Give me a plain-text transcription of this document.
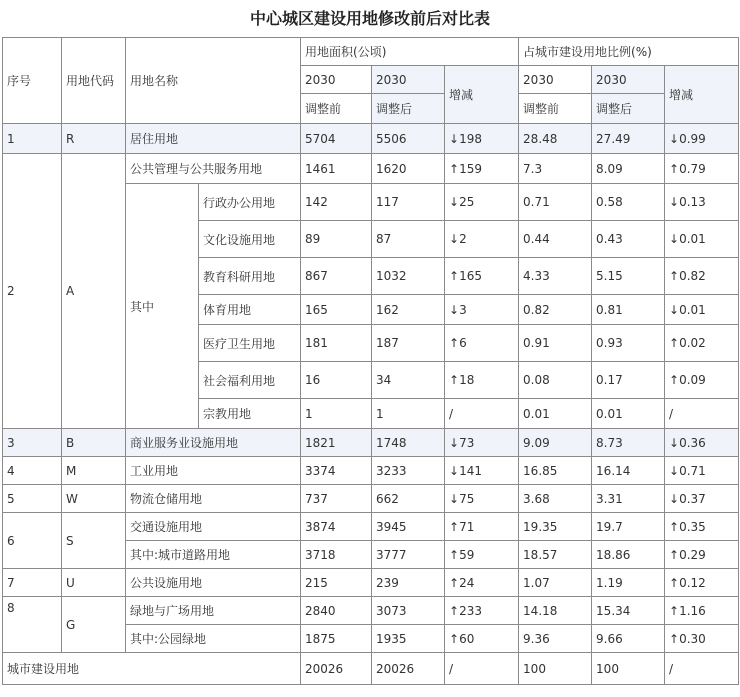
中心城区建设用地修改前后对比表
序号	用地代码	用地名称		用地面积(公顷)			占城市建设用地比例(%)		
				2030	2030	增减	2030	2030	增减
				调整前	调整后		调整前	调整后	
1	R	居住用地		5704	5506	↓198	28.48	27.49	↓0.99
2	A	公共管理与公共服务用地		1461	1620	↑159	7.3	8.09	↑0.79
		其中	行政办公用地	142	117	↓25	0.71	0.58	↓0.13
			文化设施用地	89	87	↓2	0.44	0.43	↓0.01
			教育科研用地	867	1032	↑165	4.33	5.15	↑0.82
			体育用地	165	162	↓3	0.82	0.81	↓0.01
			医疗卫生用地	181	187	↑6	0.91	0.93	↑0.02
			社会福利用地	16	34	↑18	0.08	0.17	↑0.09
			宗教用地	1	1	/	0.01	0.01	/
3	B	商业服务业设施用地		1821	1748	↓73	9.09	8.73	↓0.36
4	M	工业用地		3374	3233	↓141	16.85	16.14	↓0.71
5	W	物流仓储用地		737	662	↓75	3.68	3.31	↓0.37
6	S	交通设施用地		3874	3945	↑71	19.35	19.7	↑0.35
		其中:城市道路用地		3718	3777	↑59	18.57	18.86	↑0.29
7	U	公共设施用地		215	239	↑24	1.07	1.19	↑0.12
8	G	绿地与广场用地		2840	3073	↑233	14.18	15.34	↑1.16
		其中:公园绿地		1875	1935	↑60	9.36	9.66	↑0.30
城市建设用地				20026	20026	/	100	100	/
